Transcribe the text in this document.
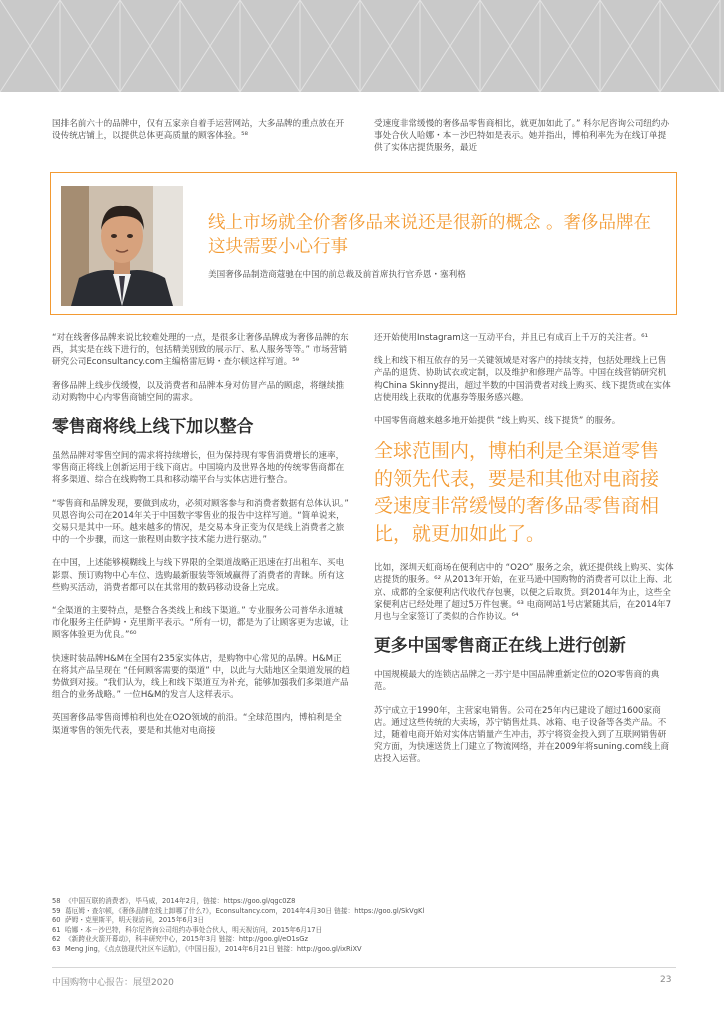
国排名前六十的品牌中，仅有五家亲自着手运营网站，大多品牌的重点放在开设传统店铺上，以提供总体更高质量的顾客体验。⁵⁸

受速度非常缓慢的奢侈品零售商相比，就更加如此了。” 科尔尼咨询公司纽约办事处合伙人哈娜・本－沙巴特如是表示。她并指出，博柏利率先为在线订单提供了实体店提货服务，最近

线上市场就全价奢侈品来说还是很新的概念 。奢侈品牌在这块需要小心行事
美国奢侈品制造商蔻驰在中国的前总裁及前首席执行官乔恩・塞利格

“对在线奢侈品牌来说比较难处理的一点，是很多让奢侈品牌成为奢侈品牌的东西，其实是在线下进行的，包括精美别致的展示厅、私人服务等等。” 市场营销研究公司Econsultancy.com主编格雷厄姆・查尔顿这样写道。⁵⁹

奢侈品牌上线步伐缓慢，以及消费者和品牌本身对仿冒产品的顾虑，将继续推动对购物中心内零售商铺空间的需求。

零售商将线上线下加以整合

虽然品牌对零售空间的需求将持续增长，但为保持现有零售消费增长的速率，零售商正将线上创新运用于线下商店。中国境内及世界各地的传统零售商都在将多渠道、综合在线购物工具和移动端平台与实体店进行整合。

“零售商和品牌发现，要做到成功，必须对顾客参与和消费者数据有总体认识。” 贝恩咨询公司在2014年关于中国数字零售业的报告中这样写道。“简单说来，交易只是其中一环。越来越多的情况，是交易本身正变为仅是线上消费者之旅中的一个步骤，而这一旅程则由数字技术能力进行驱动。”

在中国，上述能够模糊线上与线下界限的全渠道战略正迅速在打出租车、买电影票、预订购物中心车位、选购最新服装等领域赢得了消费者的青睐。所有这些购买活动，消费者都可以在其常用的数码移动设备上完成。

“全渠道的主要特点，是整合各类线上和线下渠道。” 专业服务公司普华永道城市化服务主任萨姆・克里斯平表示。“所有一切，都是为了让顾客更为忠诚，让顾客体验更为优良。”⁶⁰

快速时装品牌H&M在全国有235家实体店，是购物中心常见的品牌。H&M正在将其产品呈现在 “任何顾客需要的渠道” 中，以此与大陆地区全渠道发展的趋势做到对接。“我们认为，线上和线下渠道互为补充，能够加强我们多渠道产品组合的业务战略。” 一位H&M的发言人这样表示。

英国奢侈品零售商博柏利也处在O2O领域的前沿。“全球范围内，博柏利是全渠道零售的领先代表，要是和其他对电商接

还开始使用Instagram这一互动平台，并且已有成百上千万的关注者。⁶¹

线上和线下相互依存的另一关键领域是对客户的持续支持，包括处理线上已售产品的退货、协助试衣或定制，以及维护和修理产品等。中国在线营销研究机构China Skinny提出，超过半数的中国消费者对线上购买、线下提货或在实体店使用线上获取的优惠券等服务感兴趣。

中国零售商越来越多地开始提供 “线上购买、线下提货” 的服务。

全球范围内，博柏利是全渠道零售的领先代表，要是和其他对电商接受速度非常缓慢的奢侈品零售商相比，就更加如此了。

比如，深圳天虹商场在便利店中的 “O2O” 服务之余，就还提供线上购买、实体店提货的服务。⁶² 从2013年开始，在亚马逊中国购物的消费者可以让上海、北京、成都的全家便利店代收代存包裹，以便之后取货。到2014年为止，这些全家便利店已经处理了超过5万件包裹。⁶³ 电商网站1号店紧随其后，在2014年7月也与全家签订了类似的合作协议。⁶⁴

更多中国零售商正在线上进行创新

中国规模最大的连锁店品牌之一苏宁是中国品牌重新定位的O2O零售商的典范。

苏宁成立于1990年，主营家电销售。公司在25年内已建设了超过1600家商店。通过这些传统的大卖场，苏宁销售灶具、冰箱、电子设备等各类产品。不过，随着电商开始对实体店销量产生冲击，苏宁将资金投入到了互联网销售研究方面，为快速送货上门建立了物流网络，并在2009年将suning.com线上商店投入运营。

58 《中国互联的消费者》，毕马威，2014年2月，链接：https://goo.gl/qgc0Z8
59 葛厄姆・查尔顿，《奢侈品牌在线上卸哪了什么?》，Econsultancy.com，2014年4月30日 链接：https://goo.gl/SkVgKl
60 萨姆・克里斯平，明天视访问，2015年6月3日
61 哈娜・本－沙巴特，科尔尼咨询公司纽约办事处合伙人，明天视访问，2015年6月17日
62 《新跨业火箭开幕动》，科丰研究中心，2015年3月 链接：http://goo.gl/eO1sGz
63 Meng Jing，《点点链现代社区车运航》，《中国日报》，2014年6月21日 链接：http://goo.gl/ixRiXV
中国购物中心报告：展望2020	23
